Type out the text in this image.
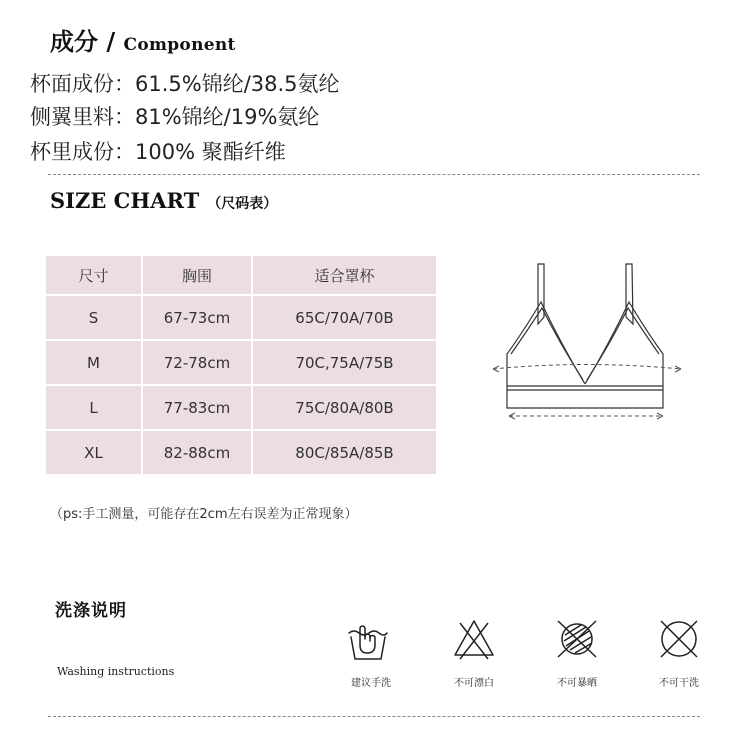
成分 / Component
杯面成份：61.5%锦纶/38.5氨纶
侧翼里料：81%锦纶/19%氨纶
杯里成份：100% 聚酯纤维
SIZE CHART （尺码表）
尺寸	胸围	适合罩杯
S	67-73cm	65C/70A/70B
M	72-78cm	70C,75A/75B
L	77-83cm	75C/80A/80B
XL	82-88cm	80C/85A/85B
（ps:手工测量，可能存在2cm左右误差为正常现象）
洗涤说明
Washing instructions
建议手洗	不可漂白	不可暴晒	不可干洗
